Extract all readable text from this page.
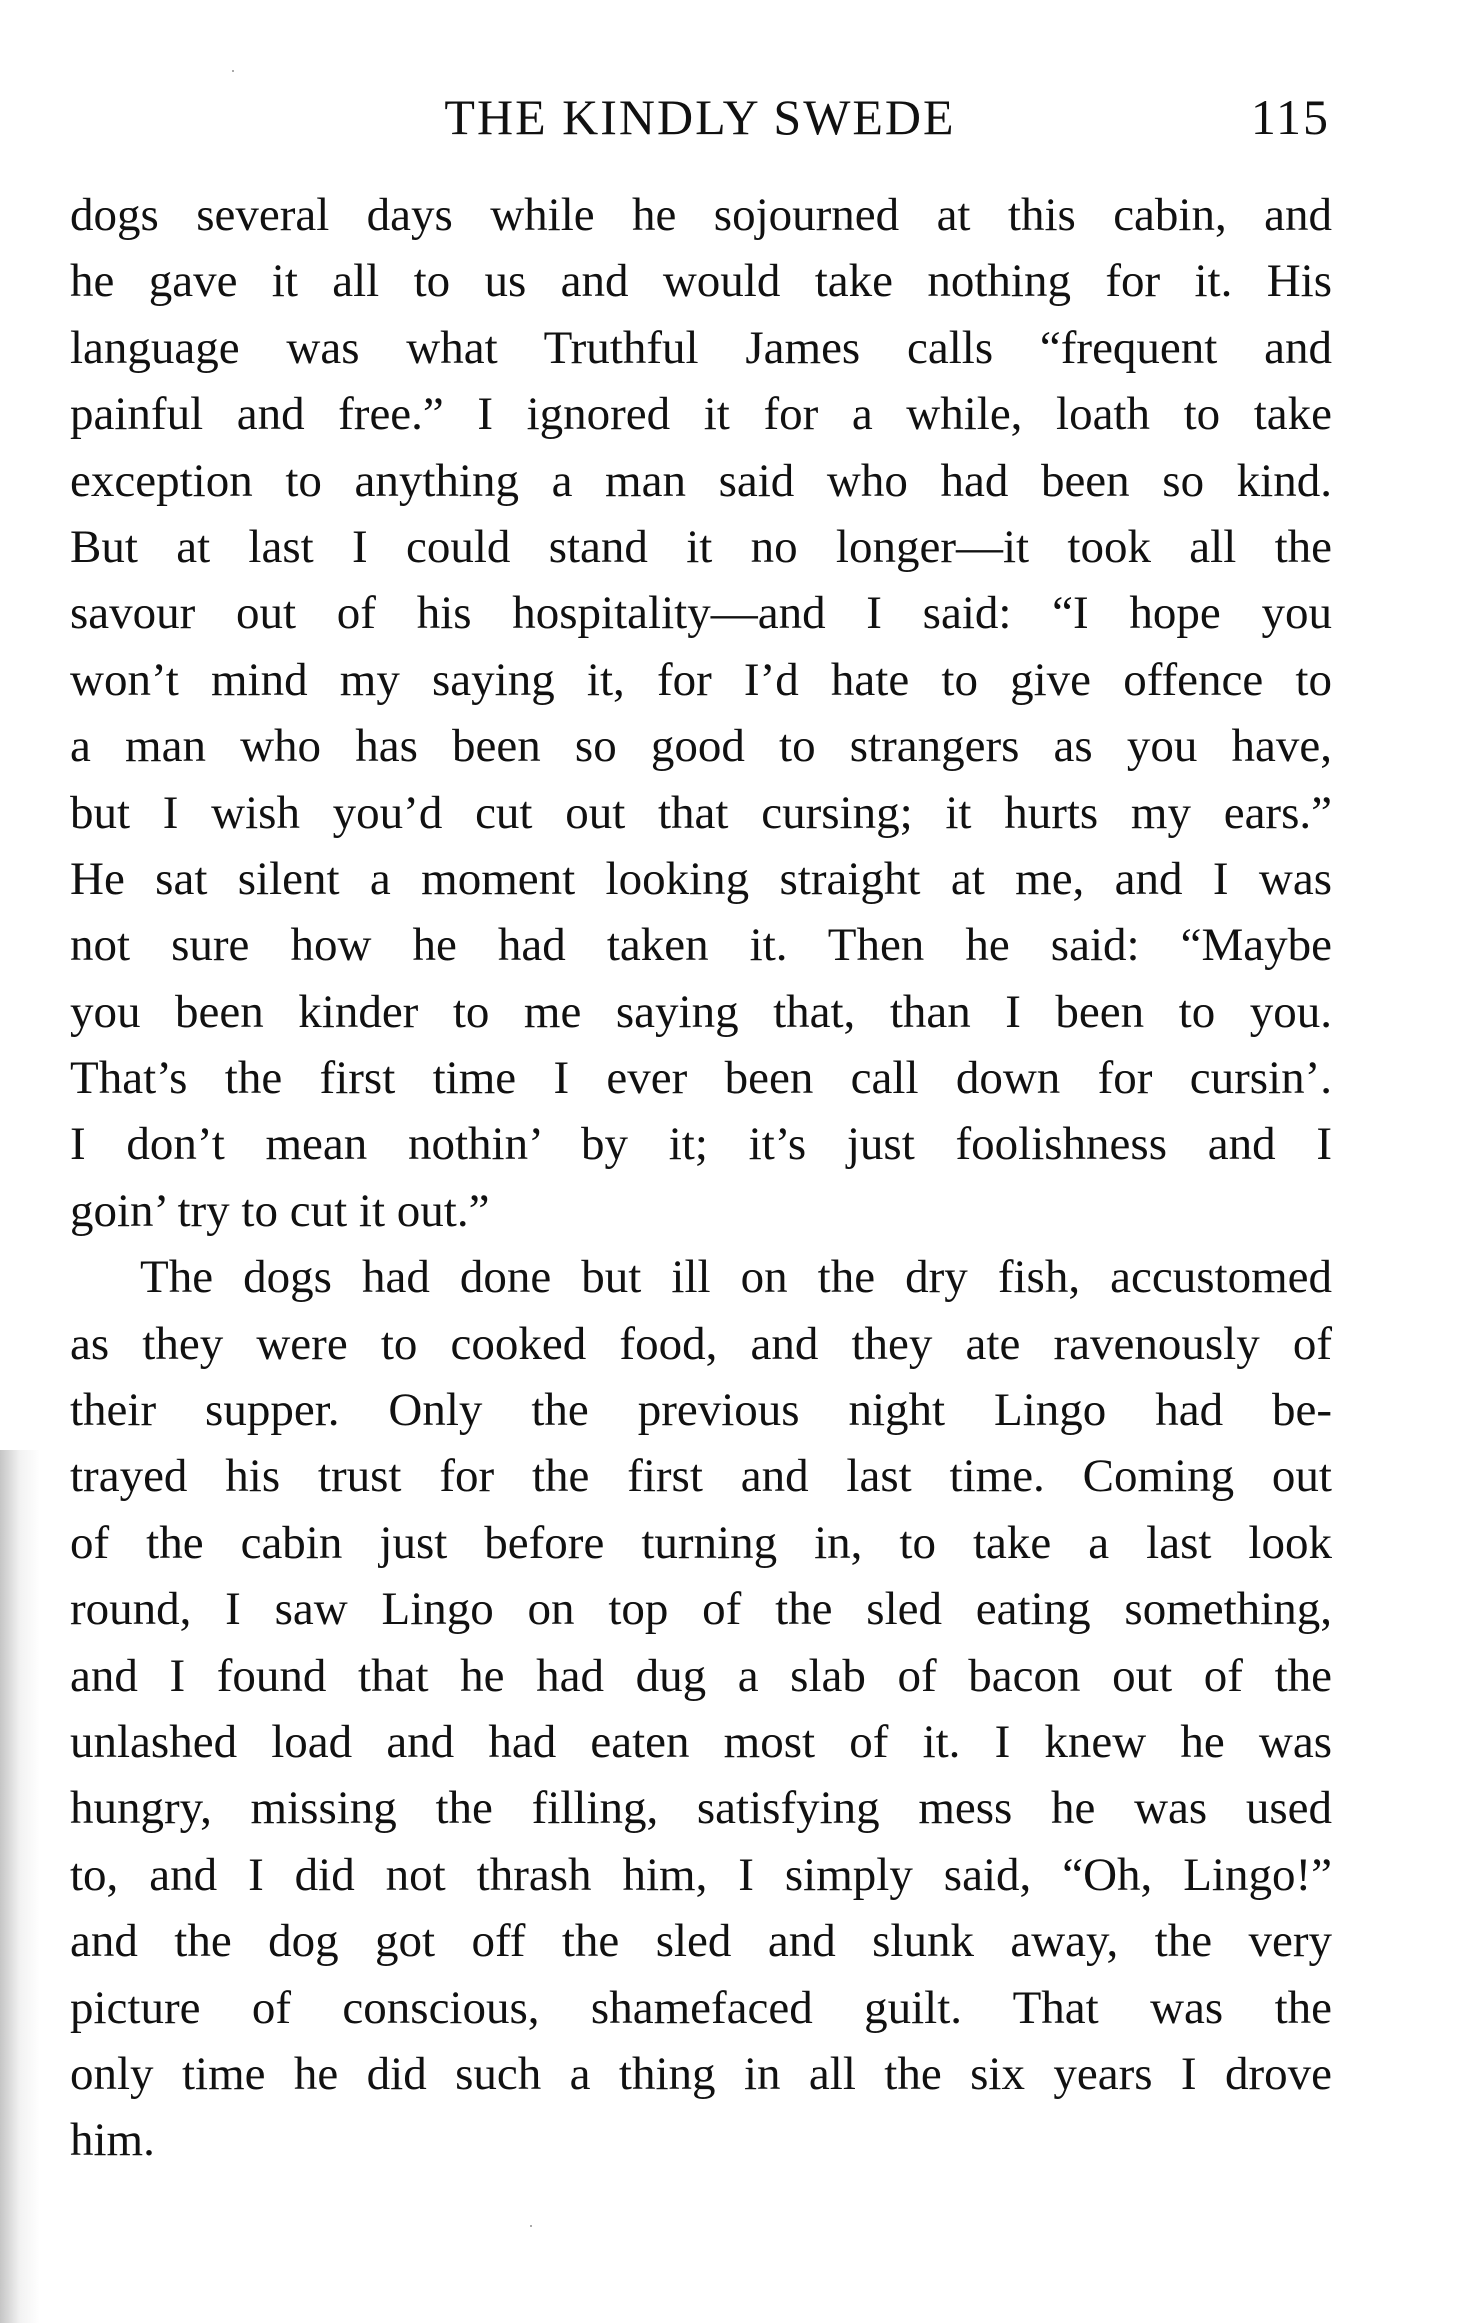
THE KINDLY SWEDE	115
dogs several days while he sojourned at this cabin, and
he gave it all to us and would take nothing for it. His
language was what Truthful James calls “frequent and
painful and free.” I ignored it for a while, loath to take
exception to anything a man said who had been so kind.
But at last I could stand it no longer—it took all the
savour out of his hospitality—and I said: “I hope you
won’t mind my saying it, for I’d hate to give offence to
a man who has been so good to strangers as you have,
but I wish you’d cut out that cursing; it hurts my ears.”
He sat silent a moment looking straight at me, and I was
not sure how he had taken it. Then he said: “Maybe
you been kinder to me saying that, than I been to you.
That’s the first time I ever been call down for cursin’.
I don’t mean nothin’ by it; it’s just foolishness and I
goin’ try to cut it out.”
The dogs had done but ill on the dry fish, accustomed
as they were to cooked food, and they ate ravenously of
their supper. Only the previous night Lingo had be-
trayed his trust for the first and last time. Coming out
of the cabin just before turning in, to take a last look
round, I saw Lingo on top of the sled eating something,
and I found that he had dug a slab of bacon out of the
unlashed load and had eaten most of it. I knew he was
hungry, missing the filling, satisfying mess he was used
to, and I did not thrash him, I simply said, “Oh, Lingo!”
and the dog got off the sled and slunk away, the very
picture of conscious, shamefaced guilt. That was the
only time he did such a thing in all the six years I drove
him.
